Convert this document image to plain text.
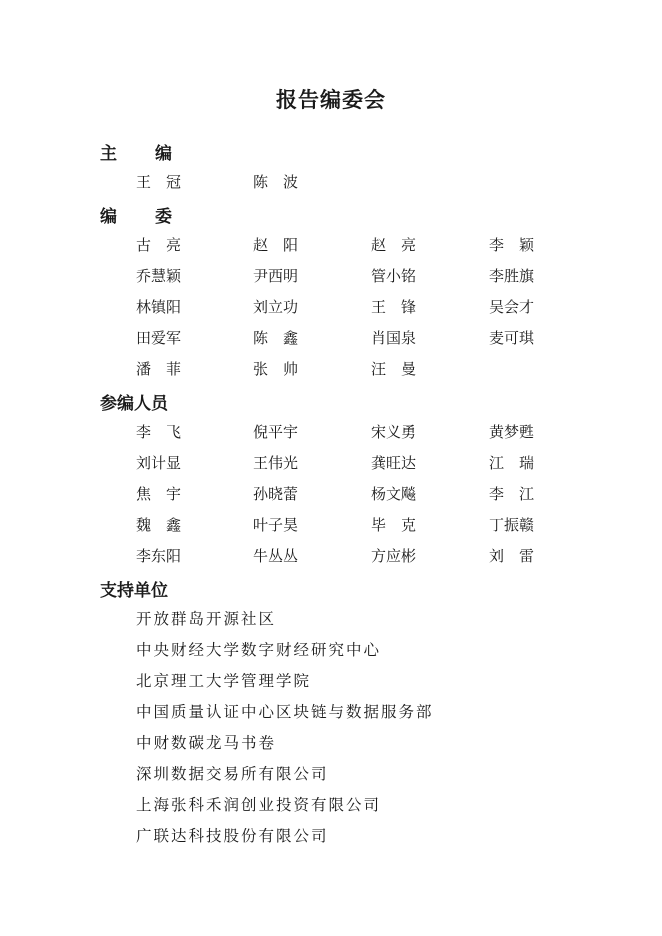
报告编委会
主 编
王　冠	陈　波
编 委
古　亮	赵　阳	赵　亮	李　颖
乔慧颖	尹西明	管小铭	李胜旗
林镇阳	刘立功	王　锋	吴会才
田爱军	陈　鑫	肖国泉	麦可琪
潘　菲	张　帅	汪　曼
参编人员
李　飞	倪平宇	宋义勇	黄梦甦
刘计显	王伟光	龚旺达	江　瑞
焦　宇	孙晓蕾	杨文飚	李　江
魏　鑫	叶子昊	毕　克	丁振赣
李东阳	牛丛丛	方应彬	刘　雷
支持单位
开放群岛开源社区
中央财经大学数字财经研究中心
北京理工大学管理学院
中国质量认证中心区块链与数据服务部
中财数碳龙马书卷
深圳数据交易所有限公司
上海张科禾润创业投资有限公司
广联达科技股份有限公司
